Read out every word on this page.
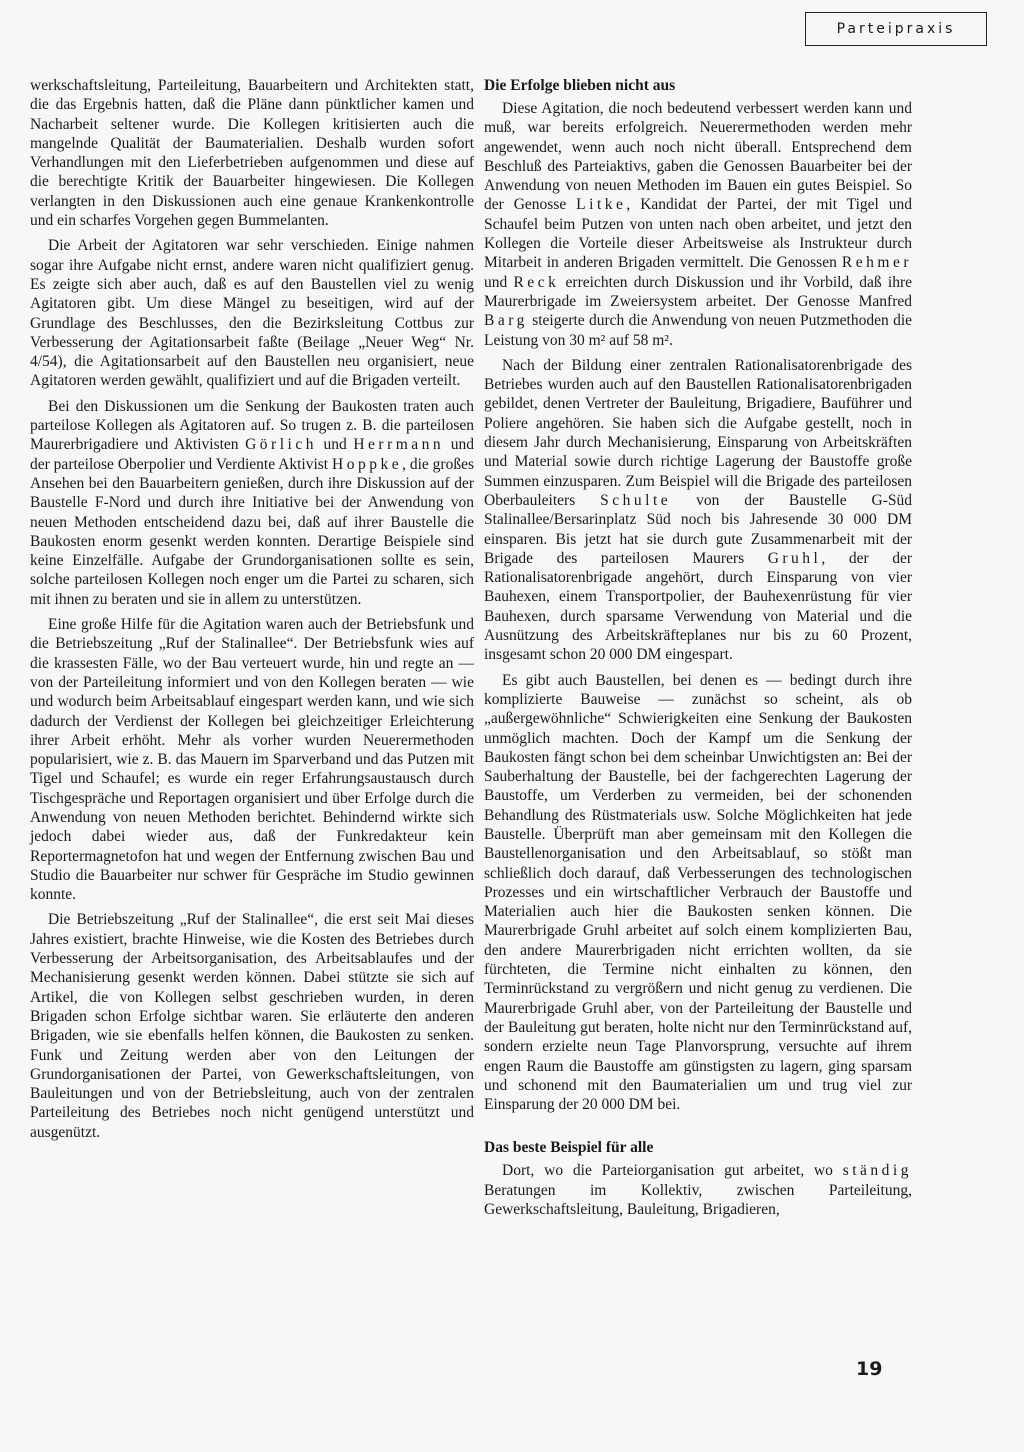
Parteipraxis

werkschaftsleitung, Parteileitung, Bauarbeitern und Architekten statt, die das Ergebnis hatten, daß die Pläne dann pünktlicher kamen und Nacharbeit seltener wurde. Die Kollegen kritisierten auch die mangelnde Qualität der Baumaterialien. Deshalb wurden sofort Verhandlungen mit den Lieferbetrieben aufgenommen und diese auf die berechtigte Kritik der Bauarbeiter hingewiesen. Die Kollegen verlangten in den Diskussionen auch eine genaue Krankenkontrolle und ein scharfes Vorgehen gegen Bummelanten.

Die Arbeit der Agitatoren war sehr verschieden. Einige nahmen sogar ihre Aufgabe nicht ernst, andere waren nicht qualifiziert genug. Es zeigte sich aber auch, daß es auf den Baustellen viel zu wenig Agitatoren gibt. Um diese Mängel zu beseitigen, wird auf der Grundlage des Beschlusses, den die Bezirksleitung Cottbus zur Verbesserung der Agitationsarbeit faßte (Beilage „Neuer Weg“ Nr. 4/54), die Agitationsarbeit auf den Baustellen neu organisiert, neue Agitatoren werden gewählt, qualifiziert und auf die Brigaden verteilt.

Bei den Diskussionen um die Senkung der Baukosten traten auch parteilose Kollegen als Agitatoren auf. So trugen z. B. die parteilosen Maurerbrigadiere und Aktivisten Görlich und Herrmann und der parteilose Oberpolier und Verdiente Aktivist Hoppke, die großes Ansehen bei den Bauarbeitern genießen, durch ihre Diskussion auf der Baustelle F-Nord und durch ihre Initiative bei der Anwendung von neuen Methoden entscheidend dazu bei, daß auf ihrer Baustelle die Baukosten enorm gesenkt werden konnten. Derartige Beispiele sind keine Einzelfälle. Aufgabe der Grundorganisationen sollte es sein, solche parteilosen Kollegen noch enger um die Partei zu scharen, sich mit ihnen zu beraten und sie in allem zu unterstützen.

Eine große Hilfe für die Agitation waren auch der Betriebsfunk und die Betriebszeitung „Ruf der Stalinallee“. Der Betriebsfunk wies auf die krassesten Fälle, wo der Bau verteuert wurde, hin und regte an — von der Parteileitung informiert und von den Kollegen beraten — wie und wodurch beim Arbeitsablauf eingespart werden kann, und wie sich dadurch der Verdienst der Kollegen bei gleichzeitiger Erleichterung ihrer Arbeit erhöht. Mehr als vorher wurden Neuerermethoden popularisiert, wie z. B. das Mauern im Sparverband und das Putzen mit Tigel und Schaufel; es wurde ein reger Erfahrungsaustausch durch Tischgespräche und Reportagen organisiert und über Erfolge durch die Anwendung von neuen Methoden berichtet. Behindernd wirkte sich jedoch dabei wieder aus, daß der Funkredakteur kein Reportermagnetofon hat und wegen der Entfernung zwischen Bau und Studio die Bauarbeiter nur schwer für Gespräche im Studio gewinnen konnte.

Die Betriebszeitung „Ruf der Stalinallee“, die erst seit Mai dieses Jahres existiert, brachte Hinweise, wie die Kosten des Betriebes durch Verbesserung der Arbeitsorganisation, des Arbeitsablaufes und der Mechanisierung gesenkt werden können. Dabei stützte sie sich auf Artikel, die von Kollegen selbst geschrieben wurden, in deren Brigaden schon Erfolge sichtbar waren. Sie erläuterte den anderen Brigaden, wie sie ebenfalls helfen können, die Baukosten zu senken. Funk und Zeitung werden aber von den Leitungen der Grundorganisationen der Partei, von Gewerkschaftsleitungen, von Bauleitungen und von der Betriebsleitung, auch von der zentralen Parteileitung des Betriebes noch nicht genügend unterstützt und ausgenützt.

Die Erfolge blieben nicht aus

Diese Agitation, die noch bedeutend verbessert werden kann und muß, war bereits erfolgreich. Neuerermethoden werden mehr angewendet, wenn auch noch nicht überall. Entsprechend dem Beschluß des Parteiaktivs, gaben die Genossen Bauarbeiter bei der Anwendung von neuen Methoden im Bauen ein gutes Beispiel. So der Genosse Litke, Kandidat der Partei, der mit Tigel und Schaufel beim Putzen von unten nach oben arbeitet, und jetzt den Kollegen die Vorteile dieser Arbeitsweise als Instrukteur durch Mitarbeit in anderen Brigaden vermittelt. Die Genossen Rehmer und Reck erreichten durch Diskussion und ihr Vorbild, daß ihre Maurerbrigade im Zweiersystem arbeitet. Der Genosse Manfred Barg steigerte durch die Anwendung von neuen Putzmethoden die Leistung von 30 m² auf 58 m².

Nach der Bildung einer zentralen Rationalisatorenbrigade des Betriebes wurden auch auf den Baustellen Rationalisatorenbrigaden gebildet, denen Vertreter der Bauleitung, Brigadiere, Bauführer und Poliere angehören. Sie haben sich die Aufgabe gestellt, noch in diesem Jahr durch Mechanisierung, Einsparung von Arbeitskräften und Material sowie durch richtige Lagerung der Baustoffe große Summen einzusparen. Zum Beispiel will die Brigade des parteilosen Oberbauleiters Schulte von der Baustelle G-Süd Stalinallee/Bersarinplatz Süd noch bis Jahresende 30 000 DM einsparen. Bis jetzt hat sie durch gute Zusammenarbeit mit der Brigade des parteilosen Maurers Gruhl, der der Rationalisatorenbrigade angehört, durch Einsparung von vier Bauhexen, einem Transportpolier, der Bauhexenrüstung für vier Bauhexen, durch sparsame Verwendung von Material und die Ausnützung des Arbeitskräfteplanes nur bis zu 60 Prozent, insgesamt schon 20 000 DM eingespart.

Es gibt auch Baustellen, bei denen es — bedingt durch ihre komplizierte Bauweise — zunächst so scheint, als ob „außergewöhnliche“ Schwierigkeiten eine Senkung der Baukosten unmöglich machten. Doch der Kampf um die Senkung der Baukosten fängt schon bei dem scheinbar Unwichtigsten an: Bei der Sauberhaltung der Baustelle, bei der fachgerechten Lagerung der Baustoffe, um Verderben zu vermeiden, bei der schonenden Behandlung des Rüstmaterials usw. Solche Möglichkeiten hat jede Baustelle. Überprüft man aber gemeinsam mit den Kollegen die Baustellenorganisation und den Arbeitsablauf, so stößt man schließlich doch darauf, daß Verbesserungen des technologischen Prozesses und ein wirtschaftlicher Verbrauch der Baustoffe und Materialien auch hier die Baukosten senken können. Die Maurerbrigade Gruhl arbeitet auf solch einem komplizierten Bau, den andere Maurerbrigaden nicht errichten wollten, da sie fürchteten, die Termine nicht einhalten zu können, den Terminrückstand zu vergrößern und nicht genug zu verdienen. Die Maurerbrigade Gruhl aber, von der Parteileitung der Baustelle und der Bauleitung gut beraten, holte nicht nur den Terminrückstand auf, sondern erzielte neun Tage Planvorsprung, versuchte auf ihrem engen Raum die Baustoffe am günstigsten zu lagern, ging sparsam und schonend mit den Baumaterialien um und trug viel zur Einsparung der 20 000 DM bei.

Das beste Beispiel für alle

Dort, wo die Parteiorganisation gut arbeitet, wo ständig Beratungen im Kollektiv, zwischen Parteileitung, Gewerkschaftsleitung, Bauleitung, Brigadieren,

19
